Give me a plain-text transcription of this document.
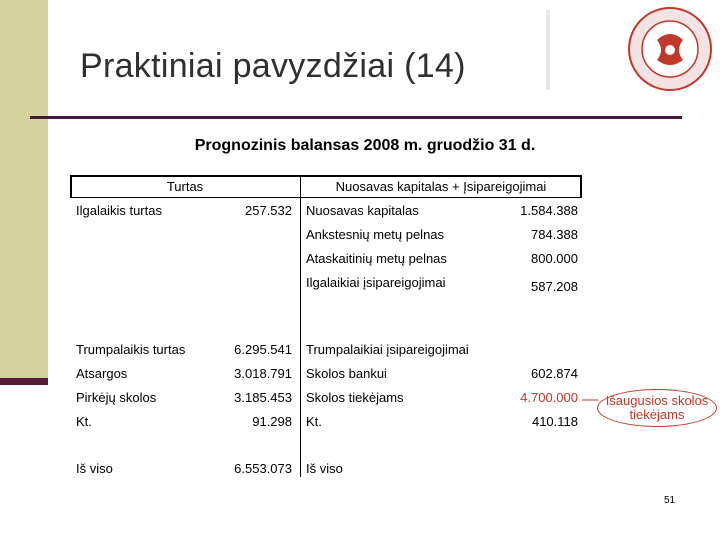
Praktiniai pavyzdžiai (14)
Prognozinis balansas 2008 m. gruodžio 31 d.
Turtas	Nuosavas kapitalas + Įsipareigojimai
Ilgalaikis turtas	257.532 Nuosavas kapitalas	1.584.388
Ankstesnių metų pelnas	784.388
Ataskaitinių metų pelnas	800.000
Ilgalaikiai įsipareigojimai	587.208
Trumpalaikis turtas	6.295.541 Trumpalaikiai įsipareigojimai
Atsargos	3.018.791 Skolos bankui	602.874
Pirkėjų skolos	3.185.453 Skolos tiekėjams	4.700.000
Kt.	91.298 Kt.	410.118
Iš viso	6.553.073 Iš viso
Išaugusios skolos
tiekėjams
51
